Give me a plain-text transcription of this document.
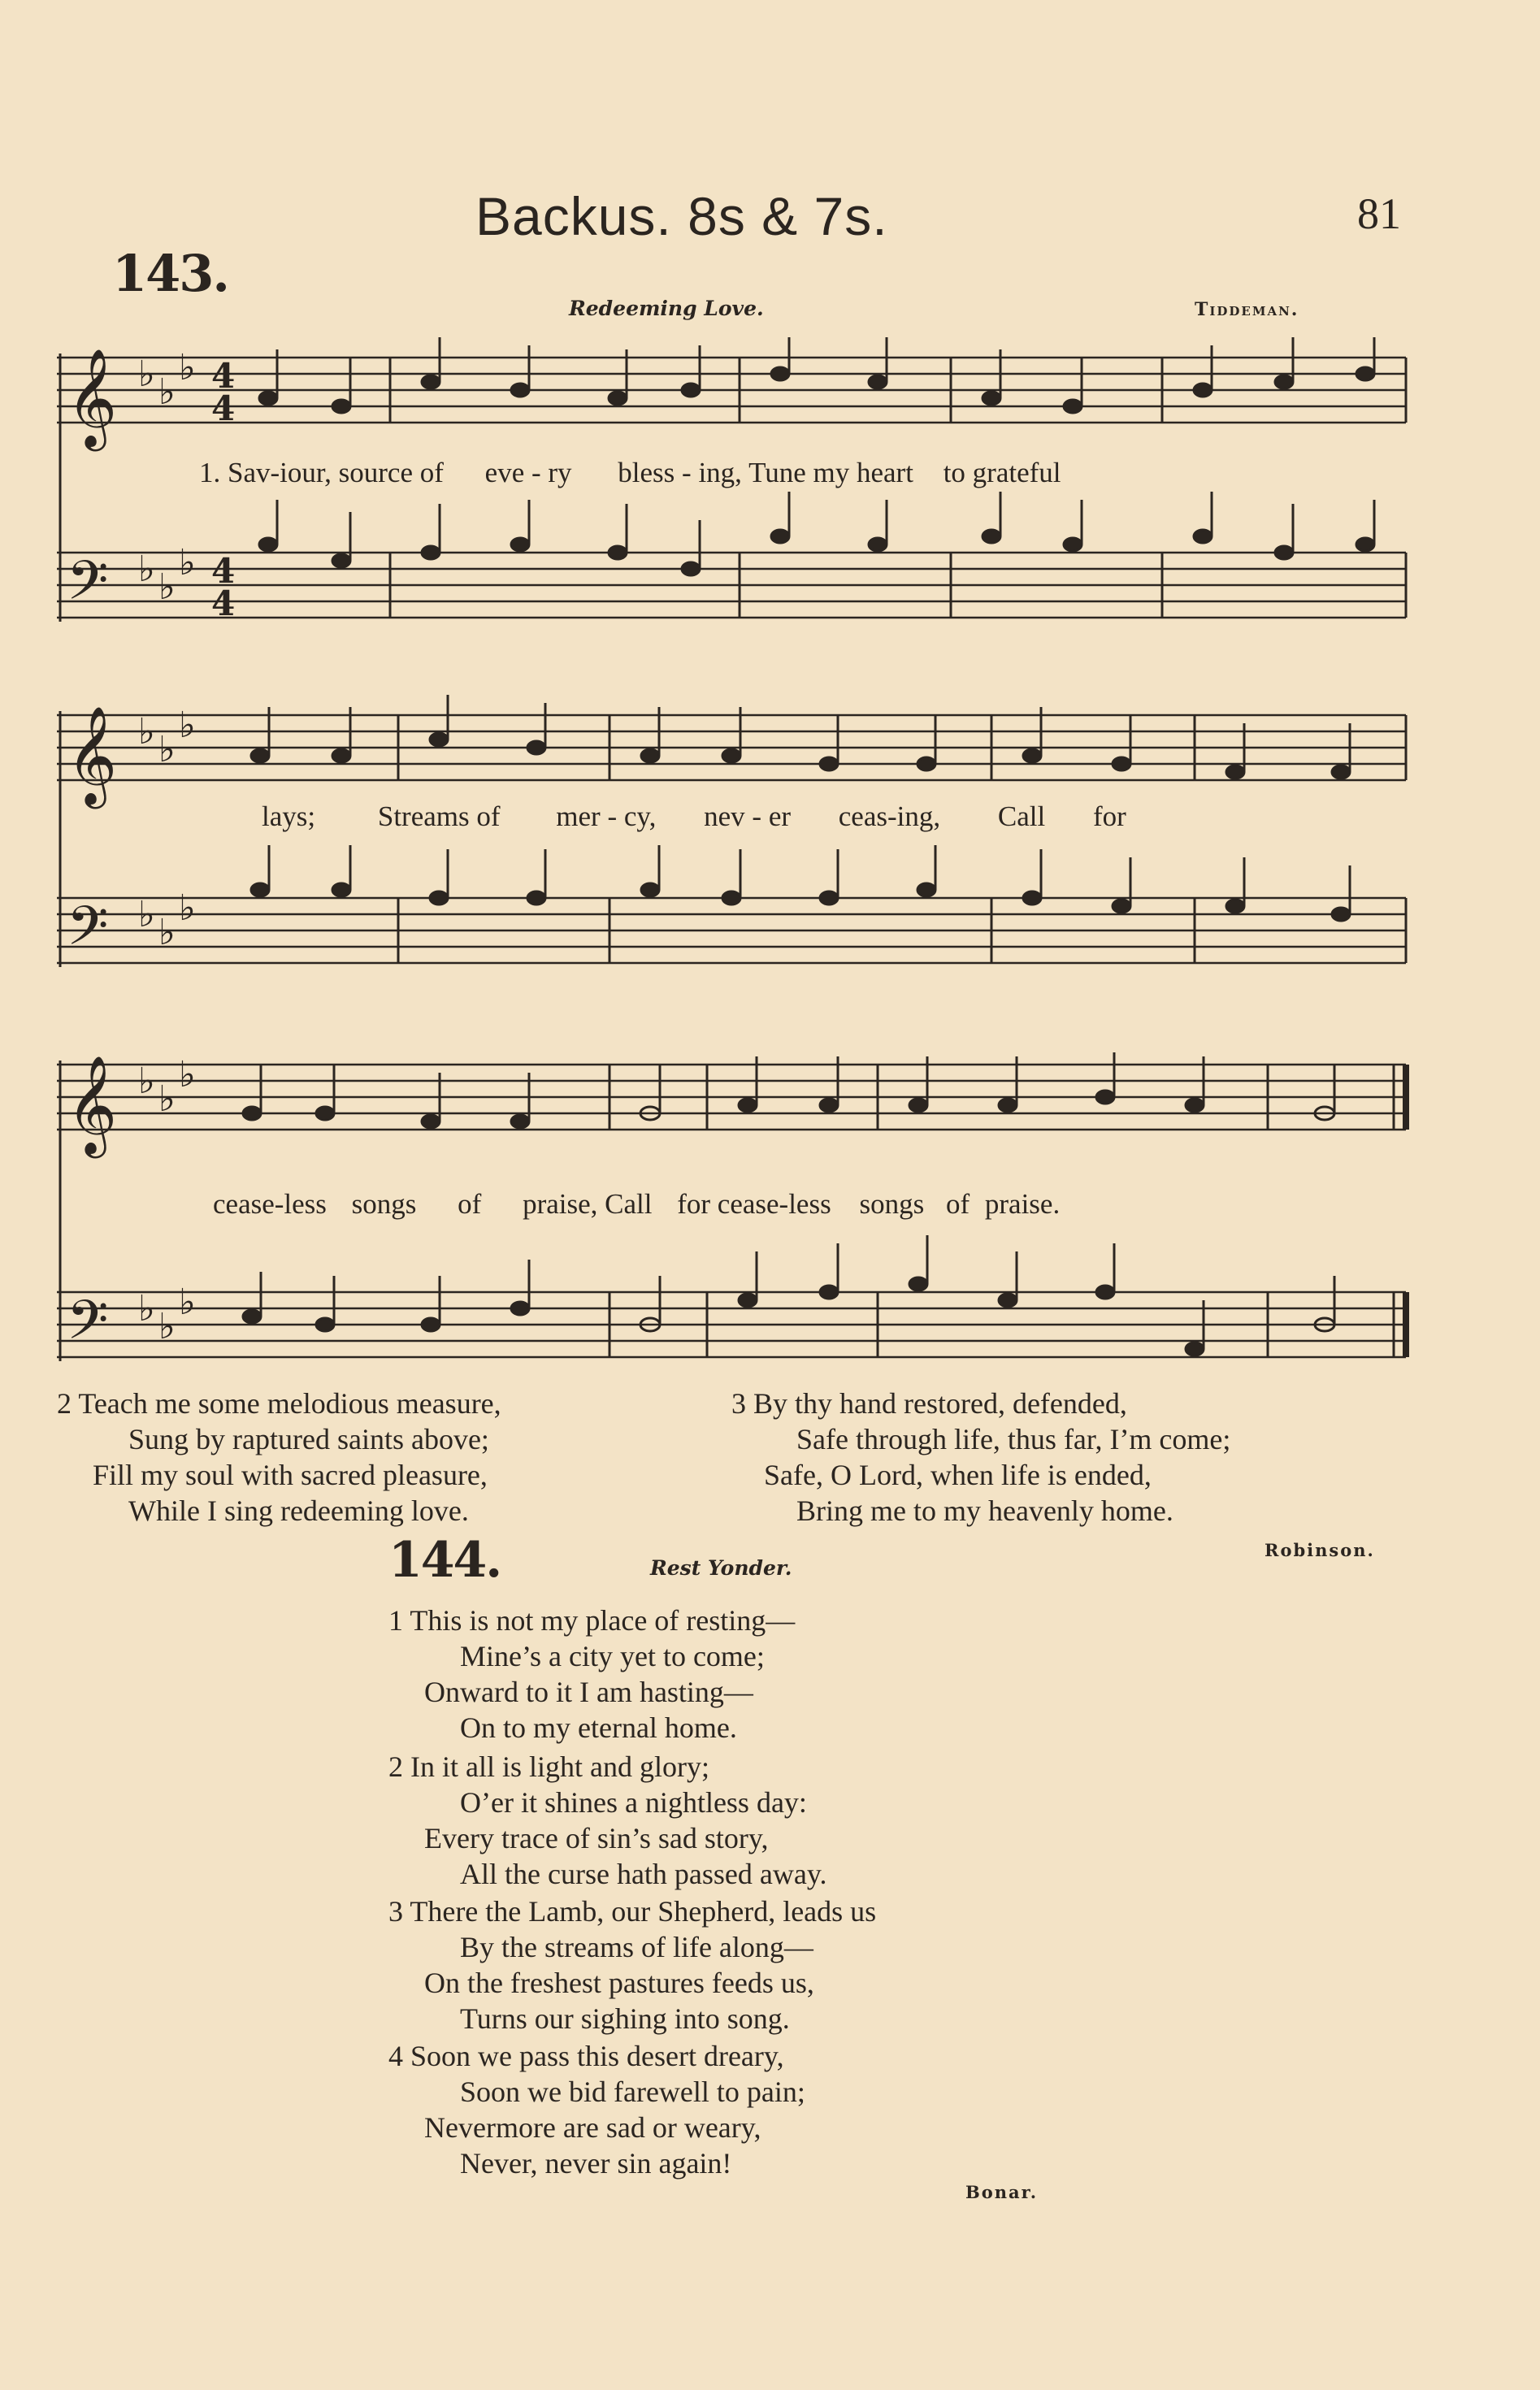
Backus. 8s & 7s.	81
143.
Redeeming Love.	Tiddeman.
𝄞
𝄢
♭ ♭
♭
♭ ♭
♭
4
4
4
4
1. Sav-iour, source of eve - ry bless - ing, Tune my heart to grateful
𝄞
𝄢
♭ ♭
♭
♭ ♭
♭
lays; Streams of mer - cy, nev - er ceas-ing, Call for
𝄞
𝄢
♭ ♭
♭
♭ ♭
♭
cease-less songs of praise, Call for cease-less songs of praise.
2 Teach me some melodious measure,
Sung by raptured saints above;
Fill my soul with sacred pleasure,
While I sing redeeming love.
3 By thy hand restored, defended,
Safe through life, thus far, I’m come;
Safe, O Lord, when life is ended,
Bring me to my heavenly home.
144.	Rest Yonder.
Robinson.
1 This is not my place of resting—
Mine’s a city yet to come;
Onward to it I am hasting—
On to my eternal home.
2 In it all is light and glory;
O’er it shines a nightless day:
Every trace of sin’s sad story,
All the curse hath passed away.
3 There the Lamb, our Shepherd, leads us
By the streams of life along—
On the freshest pastures feeds us,
Turns our sighing into song.
4 Soon we pass this desert dreary,
Soon we bid farewell to pain;
Nevermore are sad or weary,
Never, never sin again!
Bonar.
